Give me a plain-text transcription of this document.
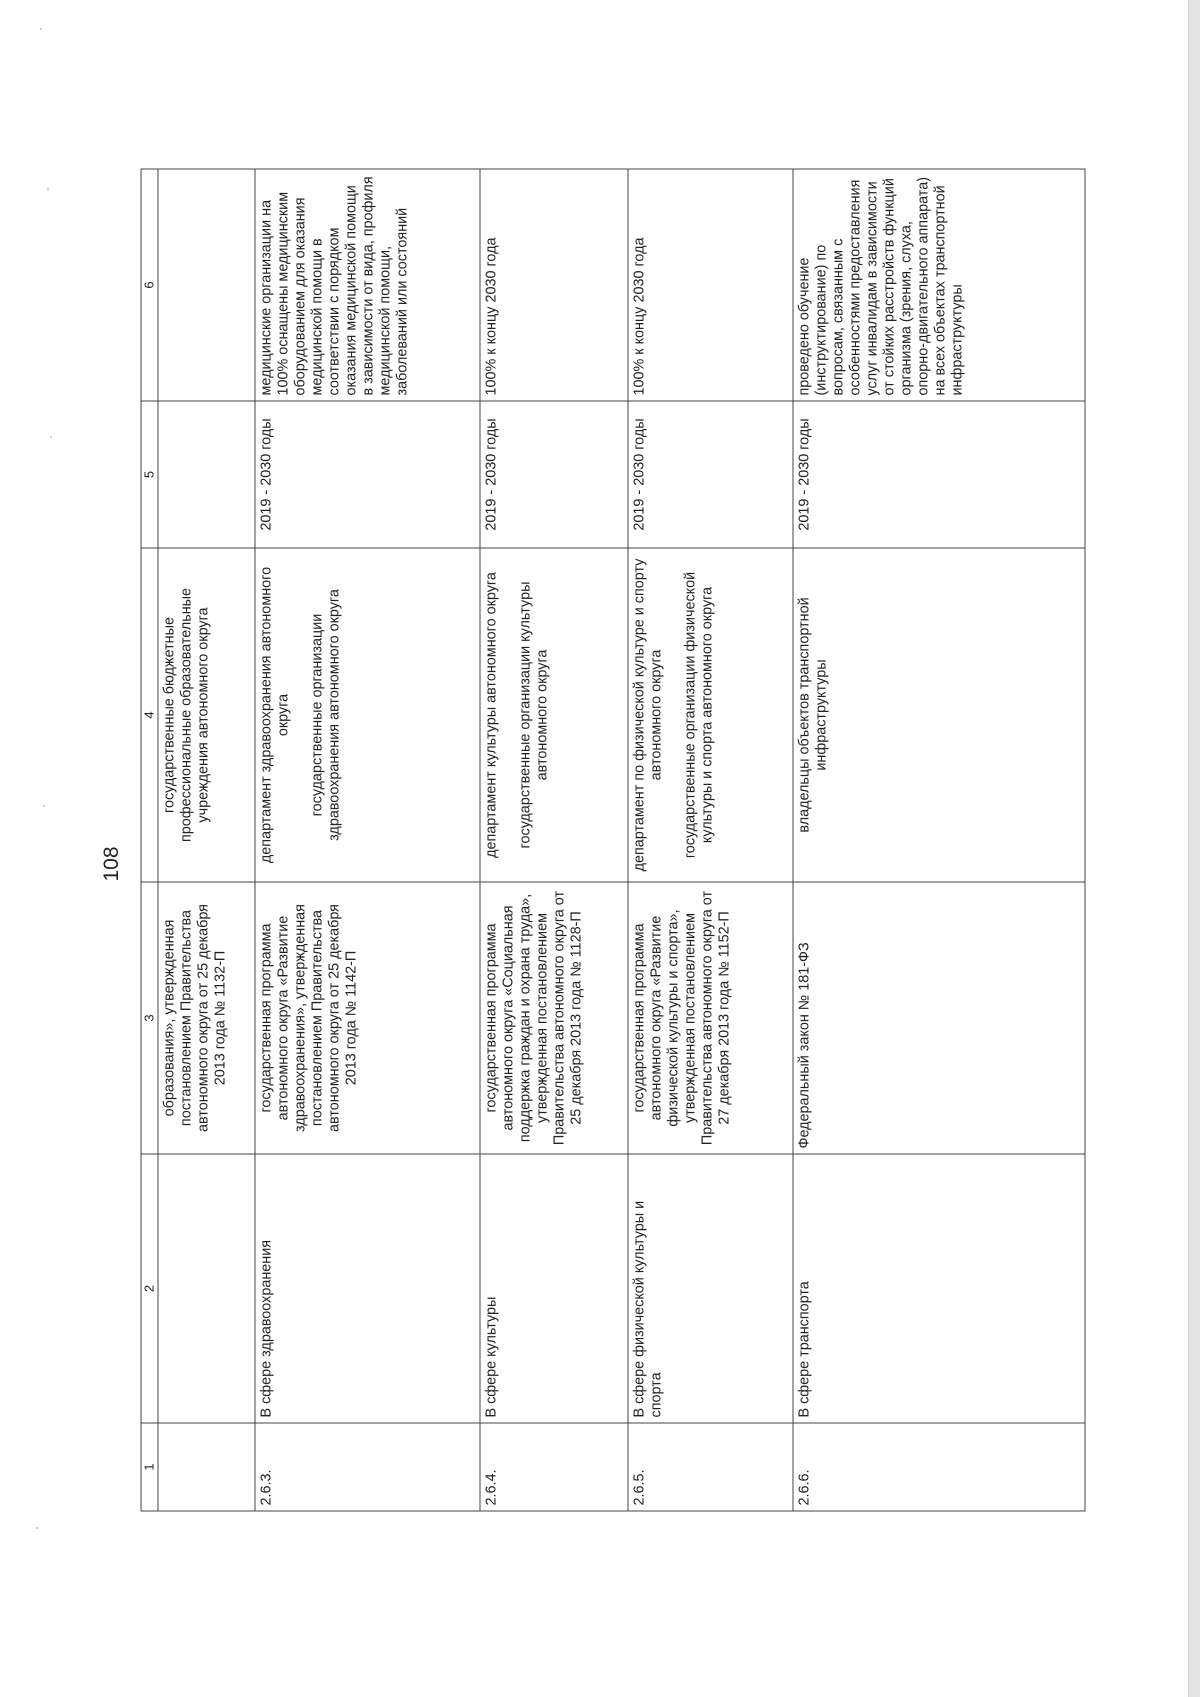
108
1	2	3	4	5	6
		образования», утвержденная постановлением Правительства автономного округа от 25 декабря 2013 года № 1132-П	государственные бюджетные профессиональные образовательные учреждения автономного округа		
2.6.3.	В сфере здравоохранения	государственная программа автономного округа «Развитие здравоохранения», утвержденная постановлением Правительства автономного округа от 25 декабря 2013 года № 1142-П	департамент здравоохранения автономного округа государственные организации здравоохранения автономного округа	2019 - 2030 годы	медицинские организации на 100% оснащены медицинским оборудованием для оказания медицинской помощи в соответствии с порядком оказания медицинской помощи в зависимости от вида, профиля медицинской помощи, заболеваний или состояний
2.6.4.	В сфере культуры	государственная программа автономного округа «Социальная поддержка граждан и охрана труда», утвержденная постановлением Правительства автономного округа от 25 декабря 2013 года № 1128-П	департамент культуры автономного округа государственные организации культуры автономного округа	2019 - 2030 годы	100% к концу 2030 года
2.6.5.	В сфере физической культуры и спорта	государственная программа автономного округа «Развитие физической культуры и спорта», утвержденная постановлением Правительства автономного округа от 27 декабря 2013 года № 1152-П	департамент по физической культуре и спорту автономного округа государственные организации физической культуры и спорта автономного округа	2019 - 2030 годы	100% к концу 2030 года
2.6.6.	В сфере транспорта	Федеральный закон № 181-ФЗ	владельцы объектов транспортной инфраструктуры	2019 - 2030 годы	проведено обучение (инструктирование) по вопросам, связанным с особенностями предоставления услуг инвалидам в зависимости от стойких расстройств функций организма (зрения, слуха, опорно-двигательного аппарата) на всех объектах транспортной инфраструктуры
